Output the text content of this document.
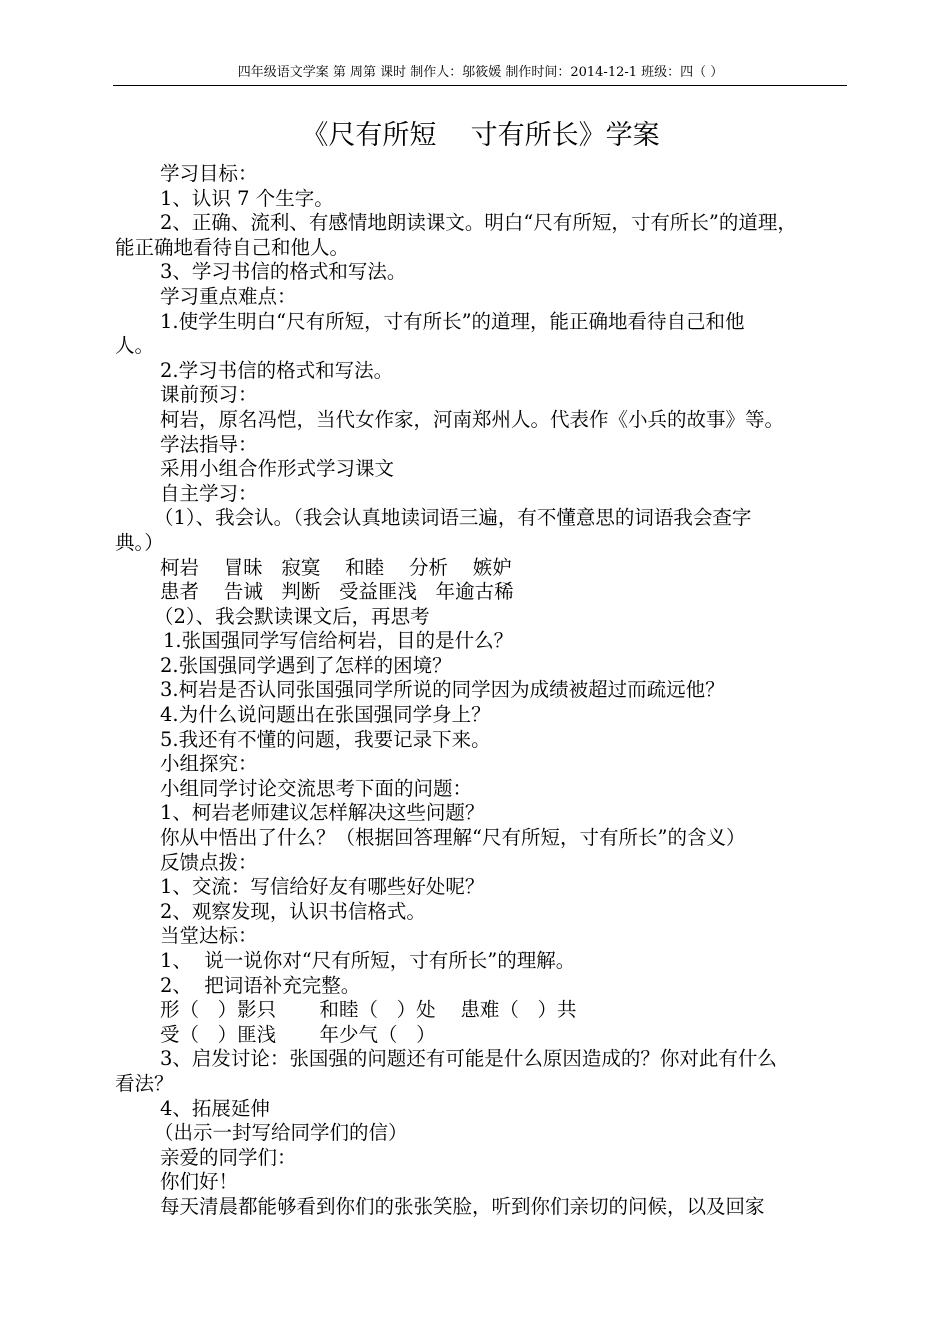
四年级语文学案 第 周第 课时 制作人：邬筱媛 制作时间：2014-12-1 班级：四（ ）
《尺有所短    寸有所长》学案
学习目标：
1、认识 7 个生字。
2、正确、流利、有感情地朗读课文。明白“尺有所短，寸有所长”的道理，
能正确地看待自己和他人。
3、学习书信的格式和写法。
学习重点难点：
1.使学生明白“尺有所短，寸有所长”的道理，能正确地看待自己和他
人。
2.学习书信的格式和写法。
课前预习：
柯岩，原名冯恺，当代女作家，河南郑州人。代表作《小兵的故事》等。
学法指导：
采用小组合作形式学习课文
自主学习：
（1）、我会认。（我会认真地读词语三遍，有不懂意思的词语我会查字
典。）
柯岩    冒昧   寂寞    和睦    分析    嫉妒
患者    告诫   判断   受益匪浅   年逾古稀
（2）、我会默读课文后，再思考
1.张国强同学写信给柯岩，目的是什么？
2.张国强同学遇到了怎样的困境？
3.柯岩是否认同张国强同学所说的同学因为成绩被超过而疏远他？
4.为什么说问题出在张国强同学身上？
5.我还有不懂的问题，我要记录下来。
小组探究：
小组同学讨论交流思考下面的问题：
1、柯岩老师建议怎样解决这些问题？
你从中悟出了什么？（根据回答理解“尺有所短，寸有所长”的含义）
反馈点拨：
1、交流：写信给好友有哪些好处呢？
2、观察发现，认识书信格式。
当堂达标：
1、  说一说你对“尺有所短，寸有所长”的理解。
2、  把词语补充完整。
形（   ）影只       和睦（   ）处    患难（   ）共
受（   ）匪浅       年少气（   ）
3、启发讨论：张国强的问题还有可能是什么原因造成的？你对此有什么
看法？
4、拓展延伸
（出示一封写给同学们的信）
亲爱的同学们：
你们好！
每天清晨都能够看到你们的张张笑脸，听到你们亲切的问候，以及回家
